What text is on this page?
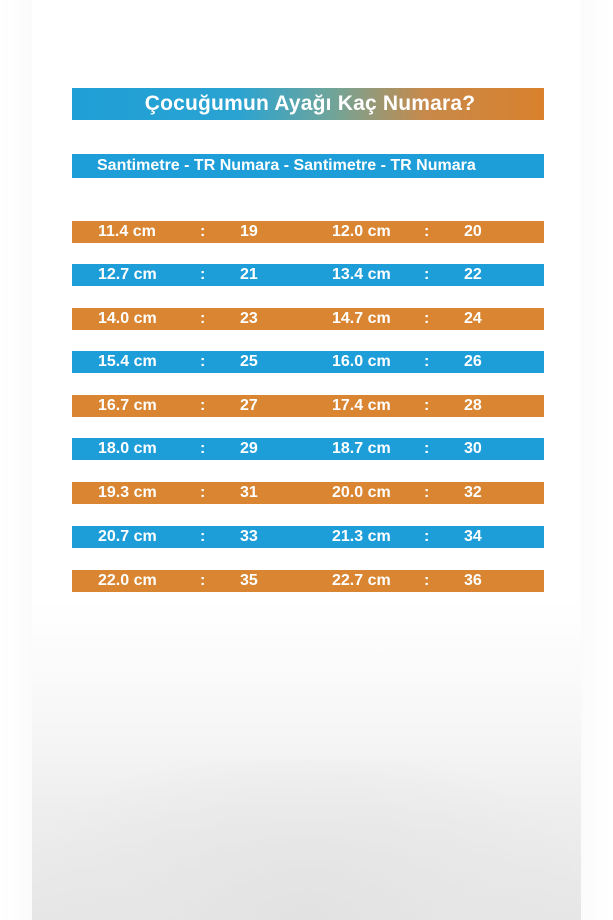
Çocuğumun Ayağı Kaç Numara?
Santimetre - TR Numara - Santimetre - TR Numara
11.4 cm	: 19	12.0 cm : 20
12.7 cm	: 21	13.4 cm : 22
14.0 cm	: 23	14.7 cm : 24
15.4 cm	: 25	16.0 cm : 26
16.7 cm	: 27	17.4 cm : 28
18.0 cm	: 29	18.7 cm : 30
19.3 cm	: 31	20.0 cm : 32
20.7 cm	: 33	21.3 cm : 34
22.0 cm	: 35	22.7 cm : 36
